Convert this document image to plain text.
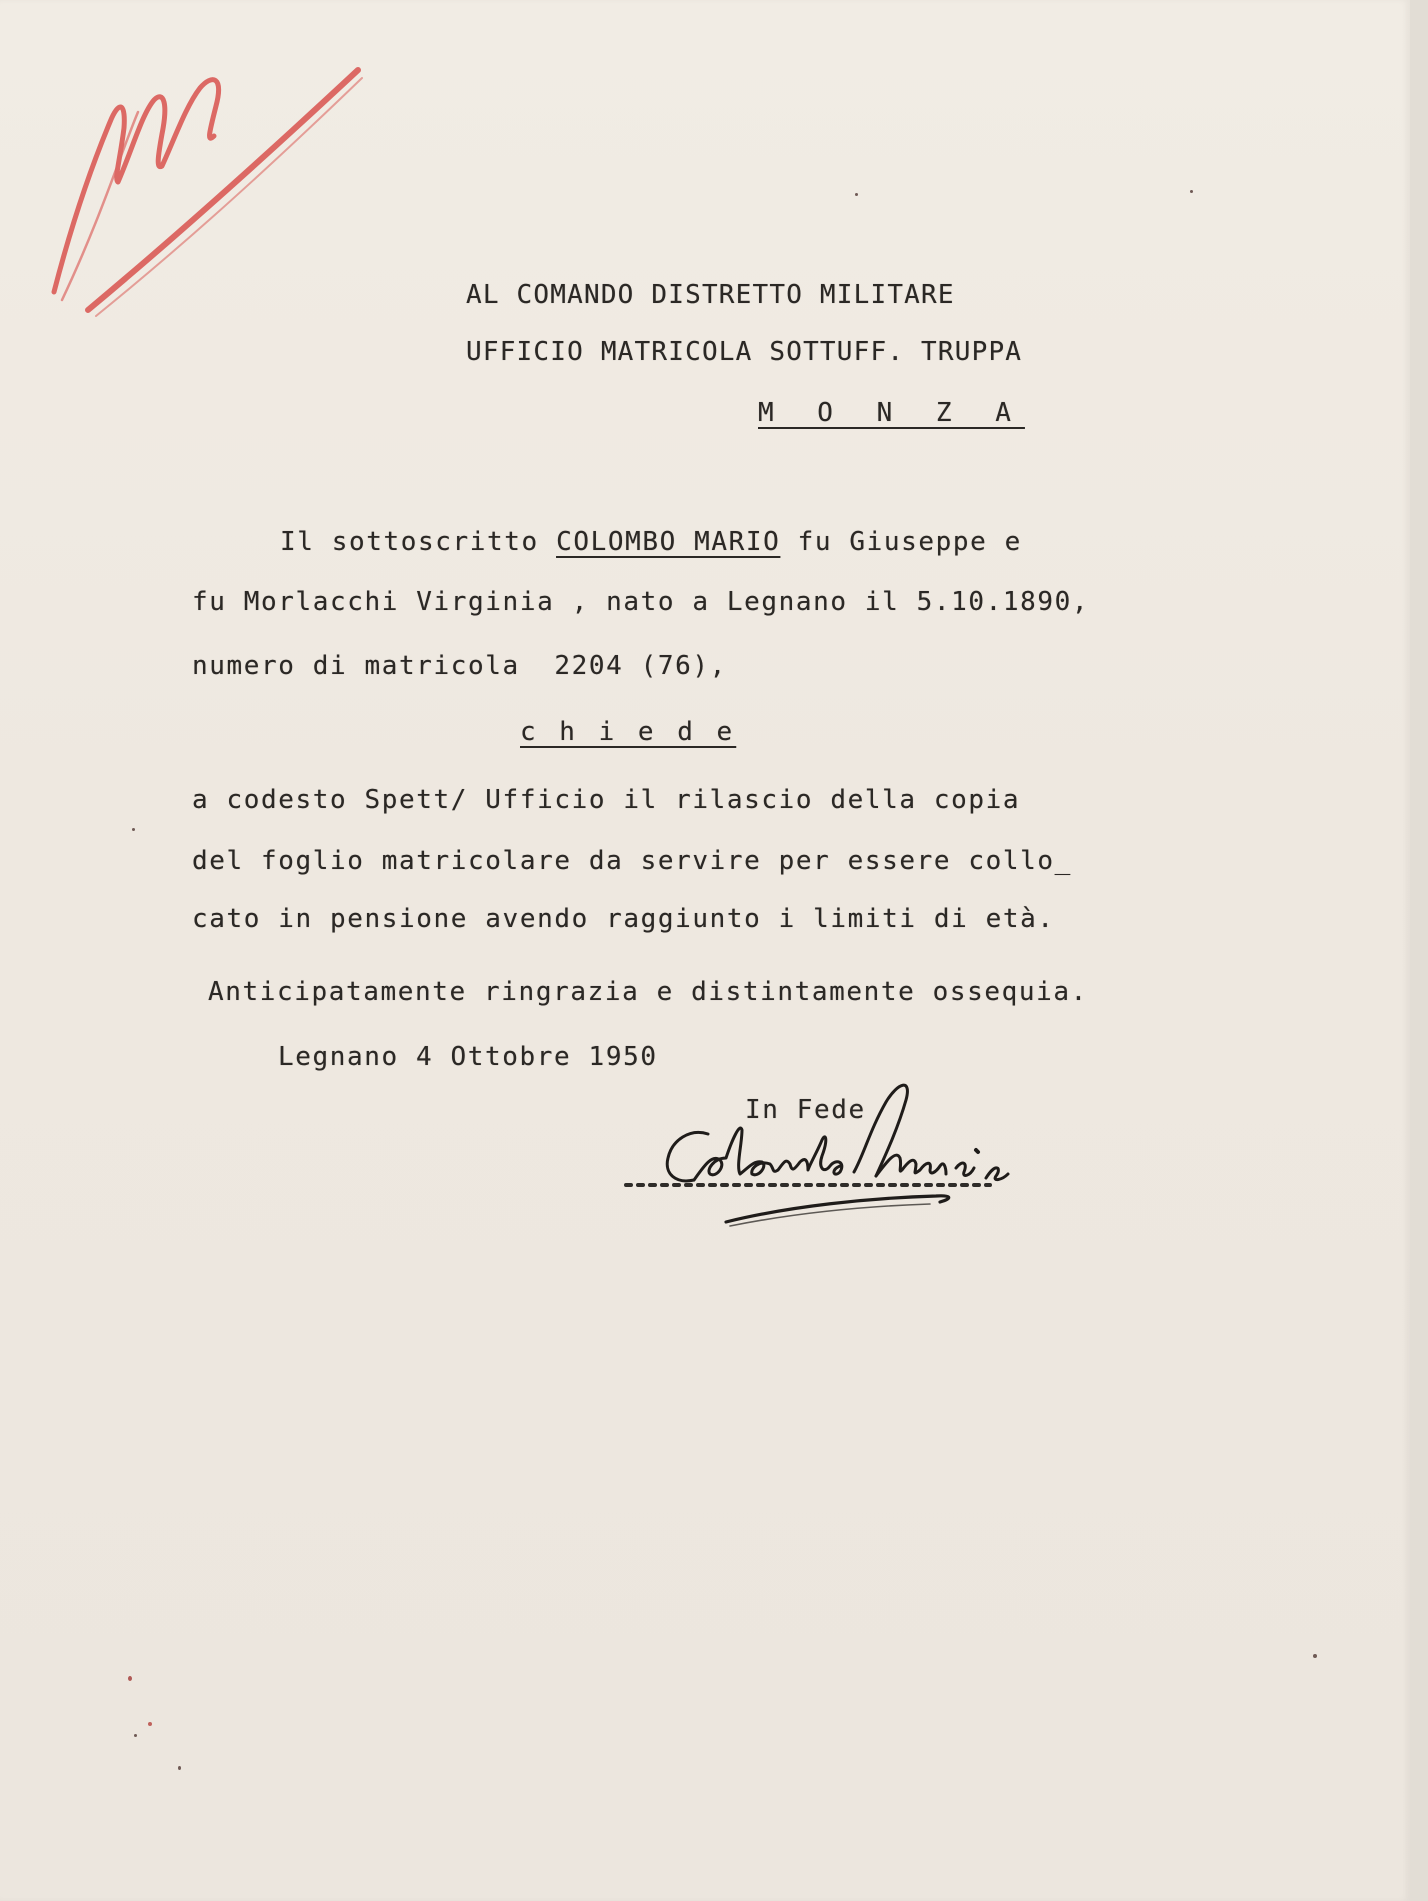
AL COMANDO DISTRETTO MILITARE

UFFICIO MATRICOLA SOTTUFF. TRUPPA

M O N Z A

Il sottoscritto COLOMBO MARIO fu Giuseppe e

fu Morlacchi Virginia , nato a Legnano il 5.10.1890,

numero di matricola  2204 (76),

c h i e d e

a codesto Spett/ Ufficio il rilascio della copia

del foglio matricolare da servire per essere collo_

cato in pensione avendo raggiunto i limiti di età.

Anticipatamente ringrazia e distintamente ossequia.

Legnano 4 Ottobre 1950

In Fede
